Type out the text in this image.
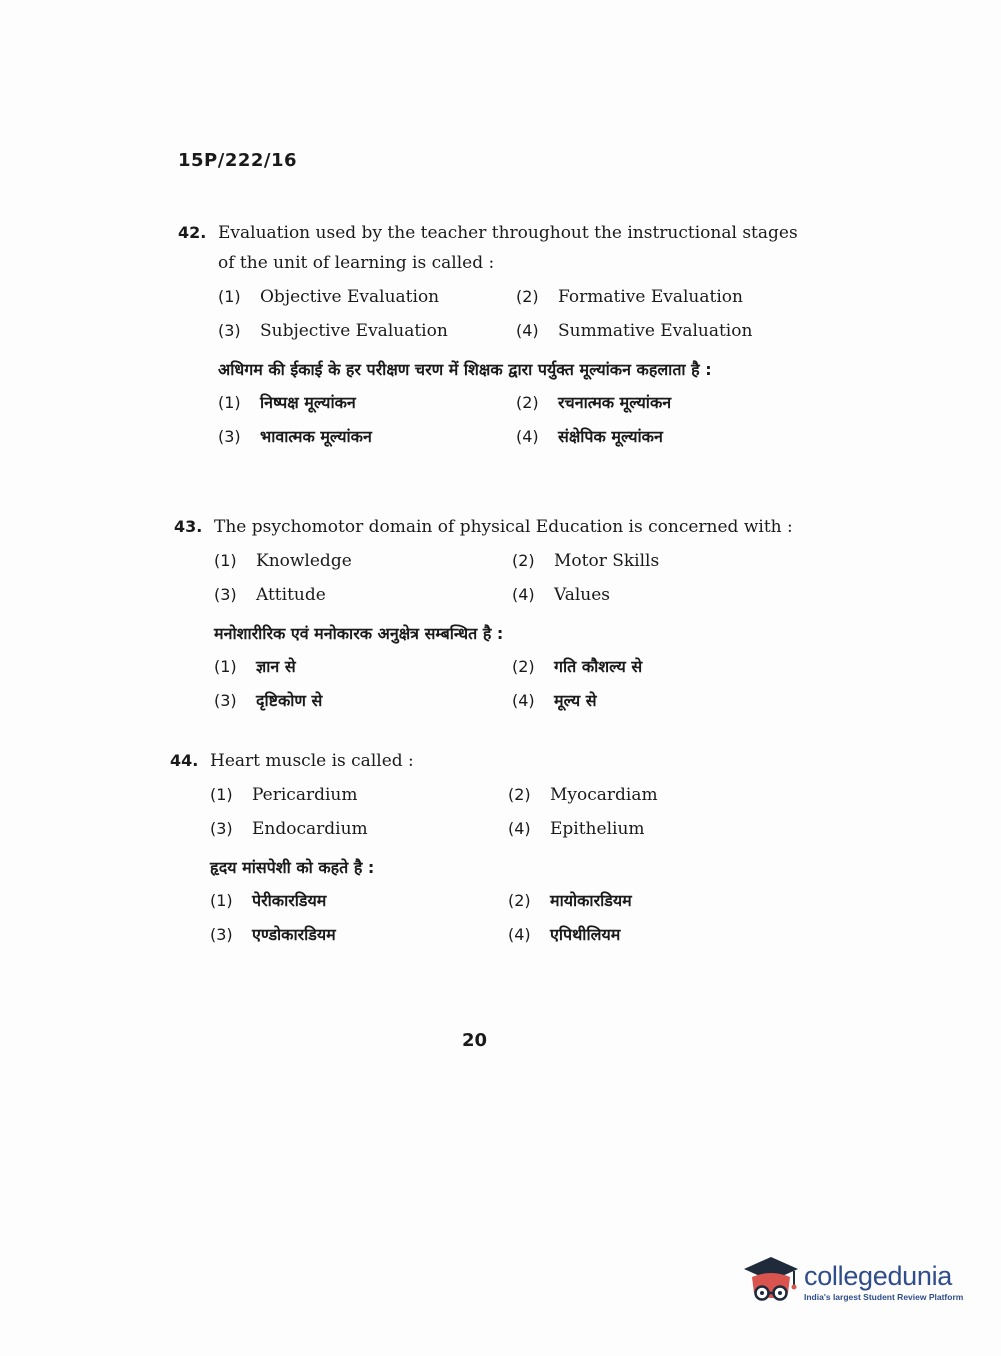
15P/222/16
42. Evaluation used by the teacher throughout the instructional stages of the unit of learning is called :
(1)	Objective Evaluation	(2)	Formative Evaluation
(3)	Subjective Evaluation	(4)	Summative Evaluation
अधिगम की ईकाई के हर परीक्षण चरण में शिक्षक द्वारा पर्युक्त मूल्यांकन कहलाता है :
(1)	निष्पक्ष मूल्यांकन	(2)	रचनात्मक मूल्यांकन
(3)	भावात्मक मूल्यांकन	(4)	संक्षेपिक मूल्यांकन
43. The psychomotor domain of physical Education is concerned with :
(1)	Knowledge	(2)	Motor Skills
(3)	Attitude	(4)	Values
मनोशारीरिक एवं मनोकारक अनुक्षेत्र सम्बन्धित है :
(1)	ज्ञान से	(2)	गति कौशल्य से
(3)	दृष्टिकोण से	(4)	मूल्य से
44. Heart muscle is called :
(1)	Pericardium	(2)	Myocardiam
(3)	Endocardium	(4)	Epithelium
हृदय मांसपेशी को कहते है :
(1)	पेरीकारडियम	(2)	मायोकारडियम
(3)	एण्डोकारडियम	(4)	एपिथीलियम
20
collegedunia
India's largest Student Review Platform
